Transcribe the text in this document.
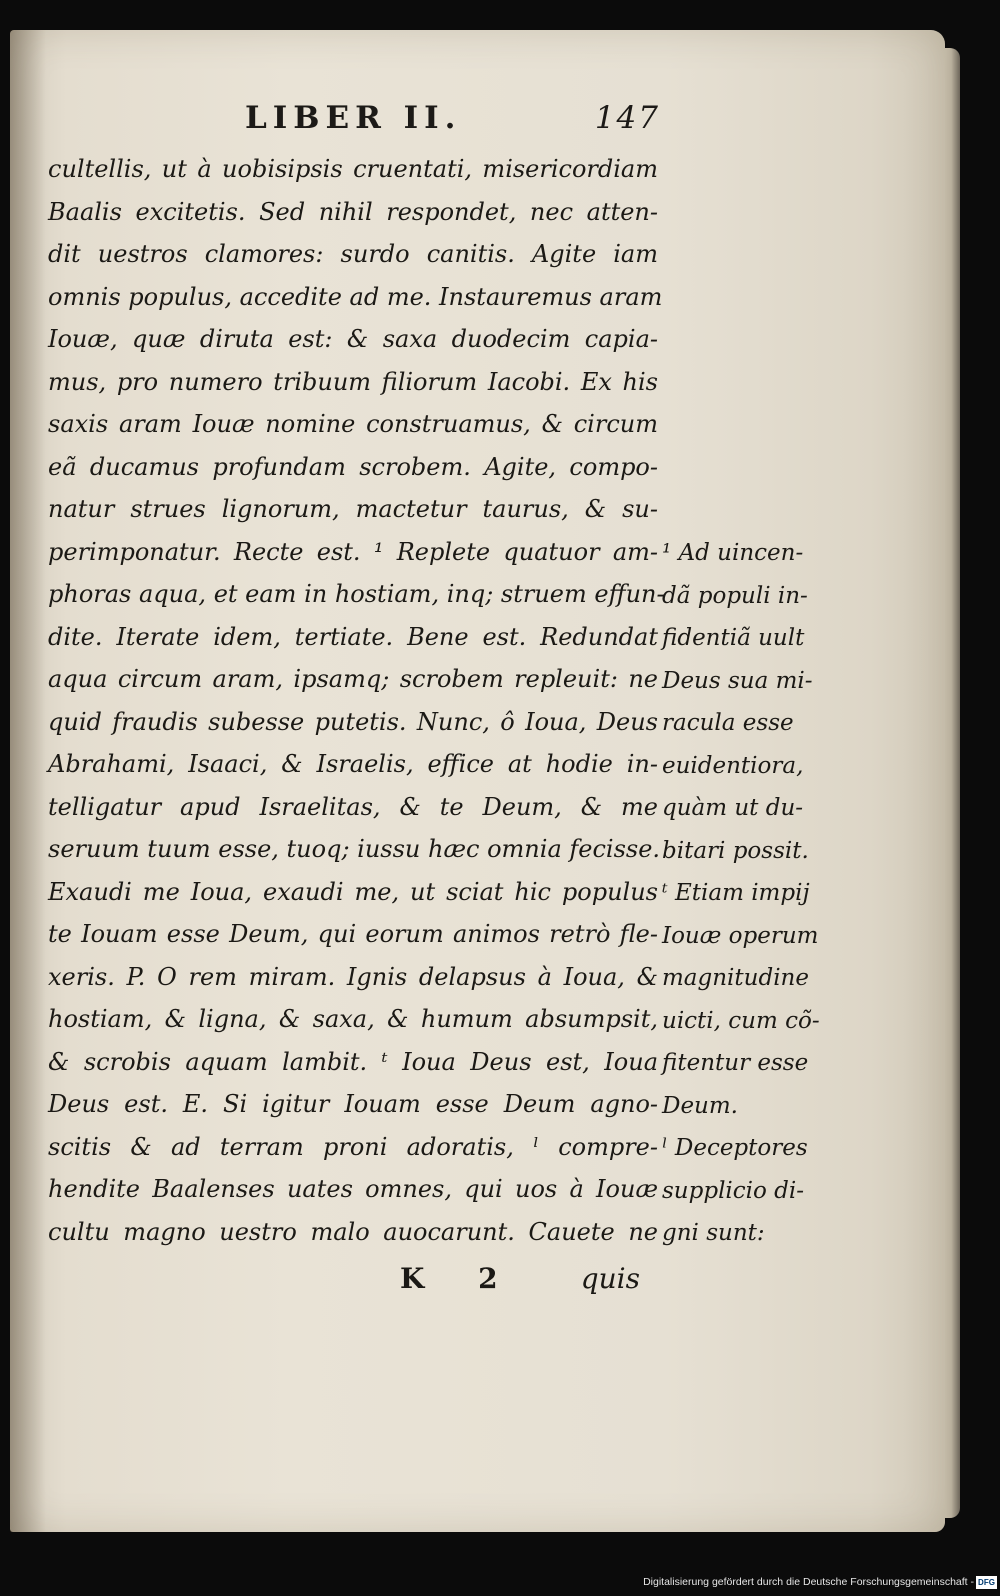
LIBER II.	147
cultellis, ut à uobisipsis cruentati, misericordiam
Baalis excitetis. Sed nihil respondet, nec atten-
dit uestros clamores: surdo canitis. Agite iam
omnis populus, accedite ad me. Instauremus aram
Iouæ, quæ diruta est: & saxa duodecim capia-
mus, pro numero tribuum filiorum Iacobi. Ex his
saxis aram Iouæ nomine construamus, & circum
eã ducamus profundam scrobem. Agite, compo-
natur strues lignorum, mactetur taurus, & su-
perimponatur. Recte est. ¹ Replete quatuor am-
phoras aqua, et eam in hostiam, inq; struem effun-
dite. Iterate idem, tertiate. Bene est. Redundat
aqua circum aram, ipsamq; scrobem repleuit: ne
quid fraudis subesse putetis. Nunc, ô Ioua, Deus
Abrahami, Isaaci, & Israelis, effice at hodie in-
telligatur apud Israelitas, & te Deum, & me
seruum tuum esse, tuoq; iussu hæc omnia fecisse.
Exaudi me Ioua, exaudi me, ut sciat hic populus
te Iouam esse Deum, qui eorum animos retrò fle-
xeris. P. O rem miram. Ignis delapsus à Ioua, &
hostiam, & ligna, & saxa, & humum absumpsit,
& scrobis aquam lambit. ᵗ Ioua Deus est, Ioua
Deus est. E. Si igitur Iouam esse Deum agno-
scitis & ad terram proni adoratis, ˡ compre-
hendite Baalenses uates omnes, qui uos à Iouæ
cultu magno uestro malo auocarunt. Cauete ne
¹ Ad uincen-
dã populi in-
fidentiã uult
Deus sua mi-
racula esse
euidentiora,
quàm ut du-
bitari possit.
ᵗ Etiam impij
Iouæ operum
magnitudine
uicti, cum cõ-
fitentur esse
Deum.
ˡ Deceptores
supplicio di-
gni sunt:
K 2 quis
Digitalisierung gefördert durch die Deutsche Forschungsgemeinschaft - DFG
